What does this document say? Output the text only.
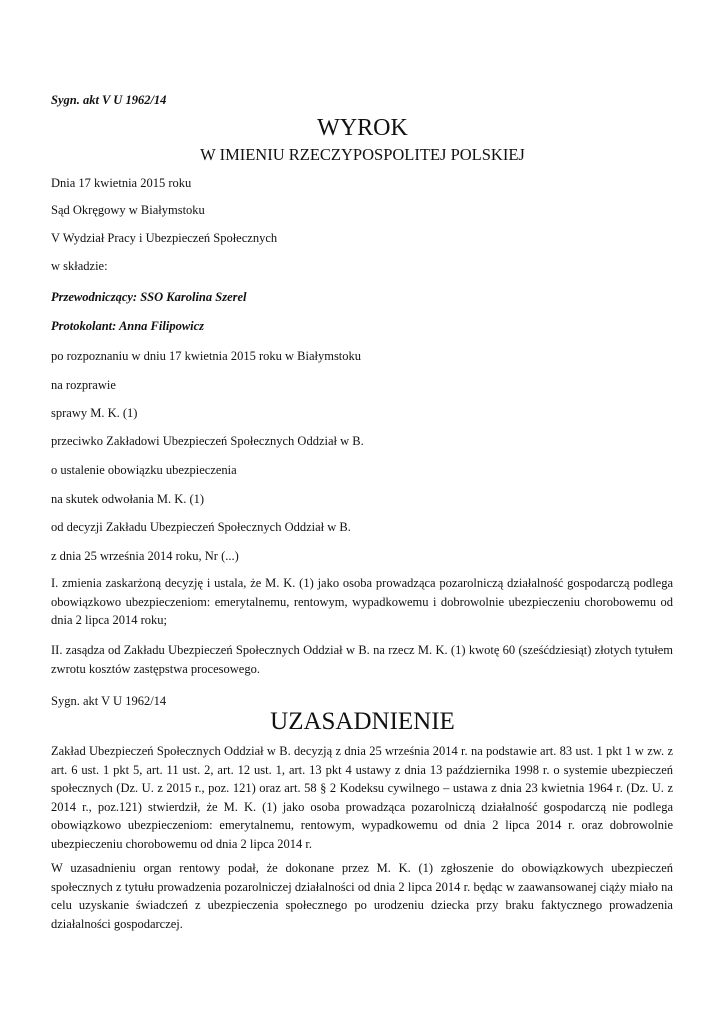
Sygn. akt V U 1962/14

WYROK

W IMIENIU RZECZYPOSPOLITEJ POLSKIEJ

Dnia 17 kwietnia 2015 roku

Sąd Okręgowy w Białymstoku

V Wydział Pracy i Ubezpieczeń Społecznych

w składzie:

Przewodniczący: SSO Karolina Szerel

Protokolant: Anna Filipowicz

po rozpoznaniu w dniu 17 kwietnia 2015 roku w Białymstoku

na rozprawie

sprawy M. K. (1)

przeciwko Zakładowi Ubezpieczeń Społecznych Oddział w B.

o ustalenie obowiązku ubezpieczenia

na skutek odwołania M. K. (1)

od decyzji Zakładu Ubezpieczeń Społecznych Oddział w B.

z dnia 25 września 2014 roku, Nr (...)

I. zmienia zaskarżoną decyzję i ustala, że M. K. (1) jako osoba prowadząca pozarolniczą działalność gospodarczą podlega obowiązkowo ubezpieczeniom: emerytalnemu, rentowym, wypadkowemu i dobrowolnie ubezpieczeniu chorobowemu od dnia 2 lipca 2014 roku;

II. zasądza od Zakładu Ubezpieczeń Społecznych Oddział w B. na rzecz M. K. (1) kwotę 60 (sześćdziesiąt) złotych tytułem zwrotu kosztów zastępstwa procesowego.

Sygn. akt V U 1962/14

UZASADNIENIE

Zakład Ubezpieczeń Społecznych Oddział w B. decyzją z dnia 25 września 2014 r. na podstawie art. 83 ust. 1 pkt 1 w zw. z art. 6 ust. 1 pkt 5, art. 11 ust. 2, art. 12 ust. 1, art. 13 pkt 4 ustawy z dnia 13 października 1998 r. o systemie ubezpieczeń społecznych (Dz. U. z 2015 r., poz. 121) oraz art. 58 § 2 Kodeksu cywilnego – ustawa z dnia 23 kwietnia 1964 r. (Dz. U. z 2014 r., poz.121) stwierdził, że M. K. (1) jako osoba prowadząca pozarolniczą działalność gospodarczą nie podlega obowiązkowo ubezpieczeniom: emerytalnemu, rentowym, wypadkowemu od dnia 2 lipca 2014 r. oraz dobrowolnie ubezpieczeniu chorobowemu od dnia 2 lipca 2014 r.

W uzasadnieniu organ rentowy podał, że dokonane przez M. K. (1) zgłoszenie do obowiązkowych ubezpieczeń społecznych z tytułu prowadzenia pozarolniczej działalności od dnia 2 lipca 2014 r. będąc w zaawansowanej ciąży miało na celu uzyskanie świadczeń z ubezpieczenia społecznego po urodzeniu dziecka przy braku faktycznego prowadzenia działalności gospodarczej.
